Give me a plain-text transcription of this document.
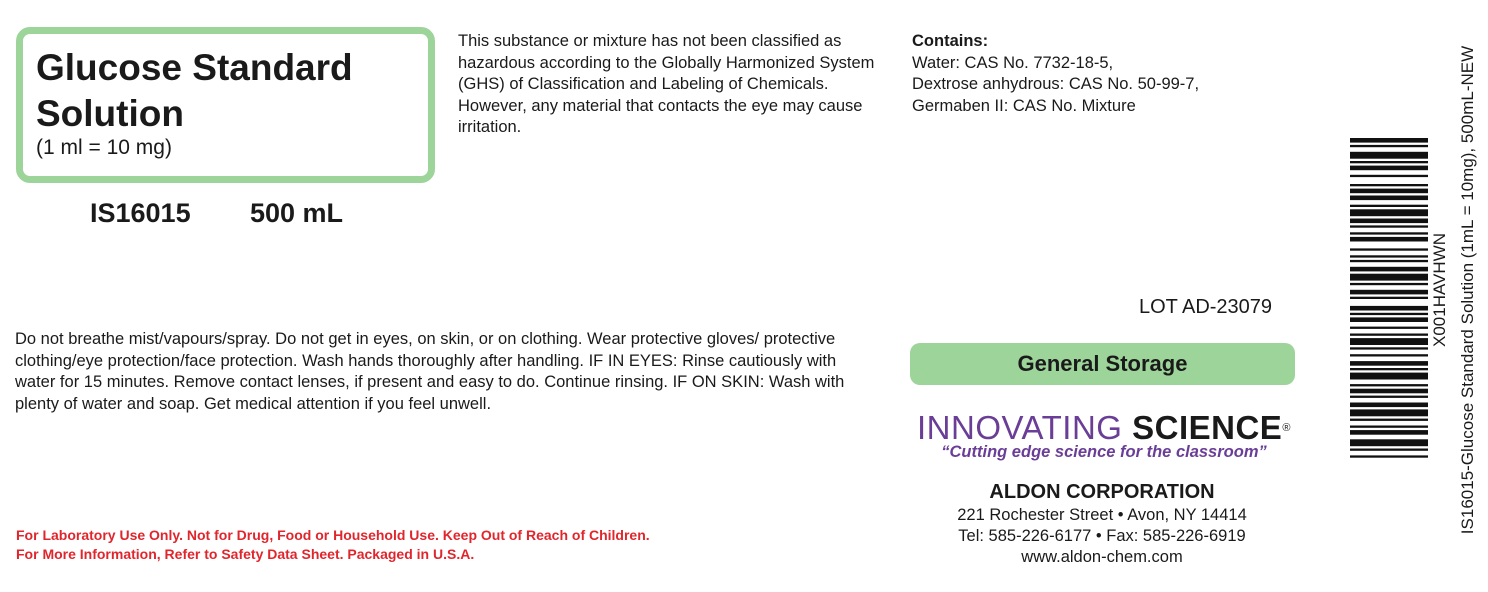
Glucose Standard
Solution
(1 ml = 10 mg)
IS16015 500 mL
This substance or mixture has not been classified as hazardous according to the Globally Harmonized System (GHS) of Classification and Labeling of Chemicals. However, any material that contacts the eye may cause irritation.
Contains:
Water: CAS No. 7732-18-5,
Dextrose anhydrous: CAS No. 50-99-7,
Germaben II: CAS No. Mixture
Do not breathe mist/vapours/spray. Do not get in eyes, on skin, or on clothing. Wear protective gloves/ protective clothing/eye protection/face protection. Wash hands thoroughly after handling. IF IN EYES: Rinse cautiously with water for 15 minutes. Remove contact lenses, if present and easy to do. Continue rinsing. IF ON SKIN: Wash with plenty of water and soap. Get medical attention if you feel unwell.
LOT AD-23079
General Storage
INNOVATING SCIENCE®
“Cutting edge science for the classroom”
ALDON CORPORATION
221 Rochester Street • Avon, NY 14414
Tel: 585-226-6177 • Fax: 585-226-6919
www.aldon-chem.com
For Laboratory Use Only. Not for Drug, Food or Household Use. Keep Out of Reach of Children.
For More Information, Refer to Safety Data Sheet. Packaged in U.S.A.
X001HAVHWN IS16015-Glucose Standard Solution (1mL = 10mg), 500mL-NEW
